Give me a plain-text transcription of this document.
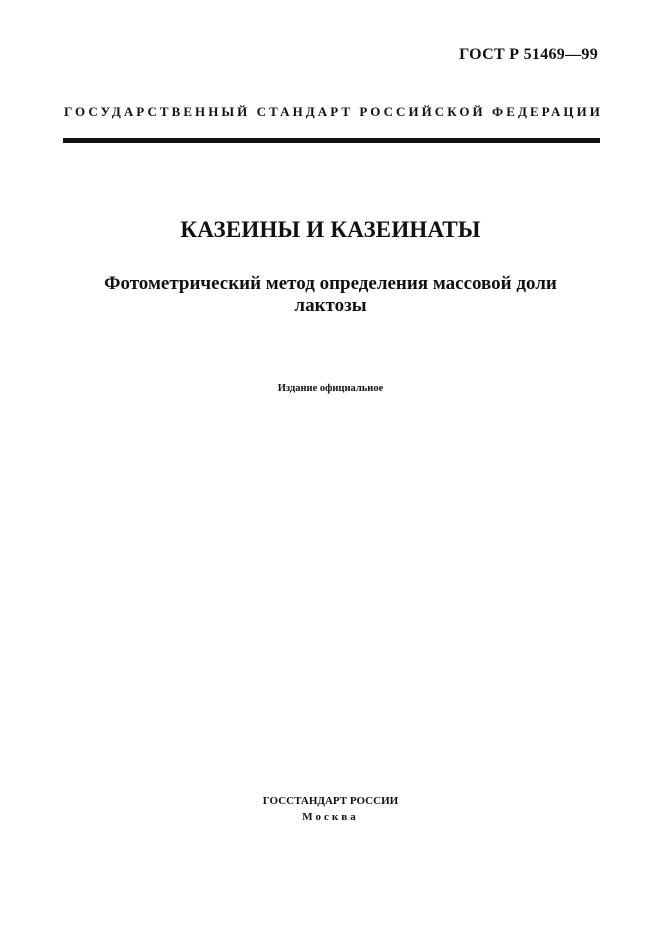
ГОСТ Р 51469—99
ГОСУДАРСТВЕННЫЙ СТАНДАРТ РОССИЙСКОЙ ФЕДЕРАЦИИ
КАЗЕИНЫ И КАЗЕИНАТЫ
Фотометрический метод определения массовой доли
лактозы
Издание официальное
ГОССТАНДАРТ РОССИИ
Москва
